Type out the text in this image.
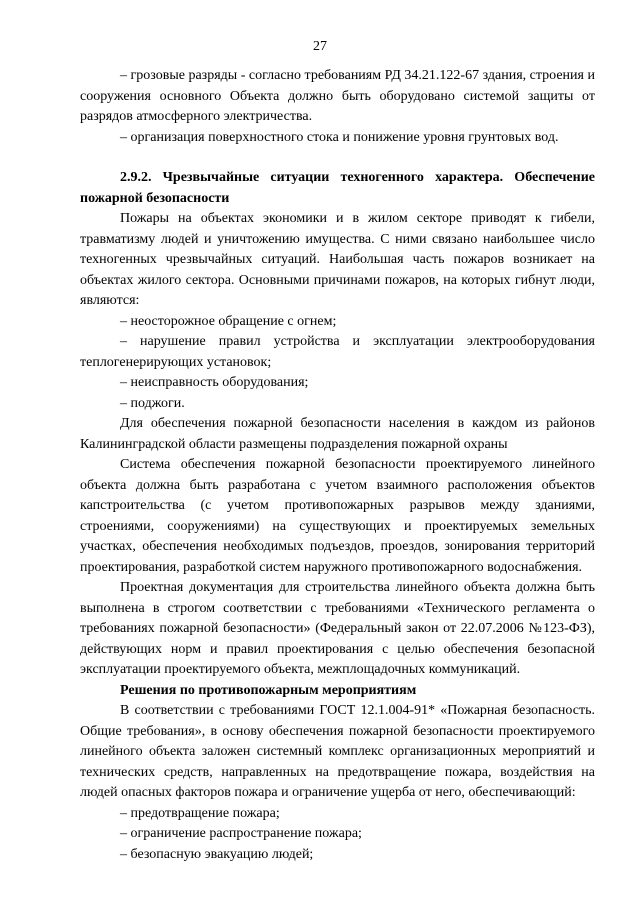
27

– грозовые разряды - согласно требованиям РД 34.21.122-67 здания, строения и сооружения основного Объекта должно быть оборудовано системой защиты от разрядов атмосферного электричества.

– организация поверхностного стока и понижение уровня грунтовых вод.

2.9.2. Чрезвычайные ситуации техногенного характера. Обеспечение пожарной безопасности

Пожары на объектах экономики и в жилом секторе приводят к гибели, травматизму людей и уничтожению имущества. С ними связано наибольшее число техногенных чрезвычайных ситуаций. Наибольшая часть пожаров возникает на объектах жилого сектора. Основными причинами пожаров, на которых гибнут люди, являются:

– неосторожное обращение с огнем;

– нарушение правил устройства и эксплуатации электрооборудования теплогенерирующих установок;

– неисправность оборудования;

– поджоги.

Для обеспечения пожарной безопасности населения в каждом из районов Калининградской области размещены подразделения пожарной охраны

Система обеспечения пожарной безопасности проектируемого линейного объекта должна быть разработана с учетом взаимного расположения объектов капстроительства (с учетом противопожарных разрывов между зданиями, строениями, сооружениями) на существующих и проектируемых земельных участках, обеспечения необходимых подъездов, проездов, зонирования территорий проектирования, разработкой систем наружного противопожарного водоснабжения.

Проектная документация для строительства линейного объекта должна быть выполнена в строгом соответствии с требованиями «Технического регламента о требованиях пожарной безопасности» (Федеральный закон от 22.07.2006 №123-ФЗ), действующих норм и правил проектирования с целью обеспечения безопасной эксплуатации проектируемого объекта, межплощадочных коммуникаций.

Решения по противопожарным мероприятиям

В соответствии с требованиями ГОСТ 12.1.004-91* «Пожарная безопасность. Общие требования», в основу обеспечения пожарной безопасности проектируемого линейного объекта заложен системный комплекс организационных мероприятий и технических средств, направленных на предотвращение пожара, воздействия на людей опасных факторов пожара и ограничение ущерба от него, обеспечивающий:

– предотвращение пожара;

– ограничение распространение пожара;

– безопасную эвакуацию людей;
